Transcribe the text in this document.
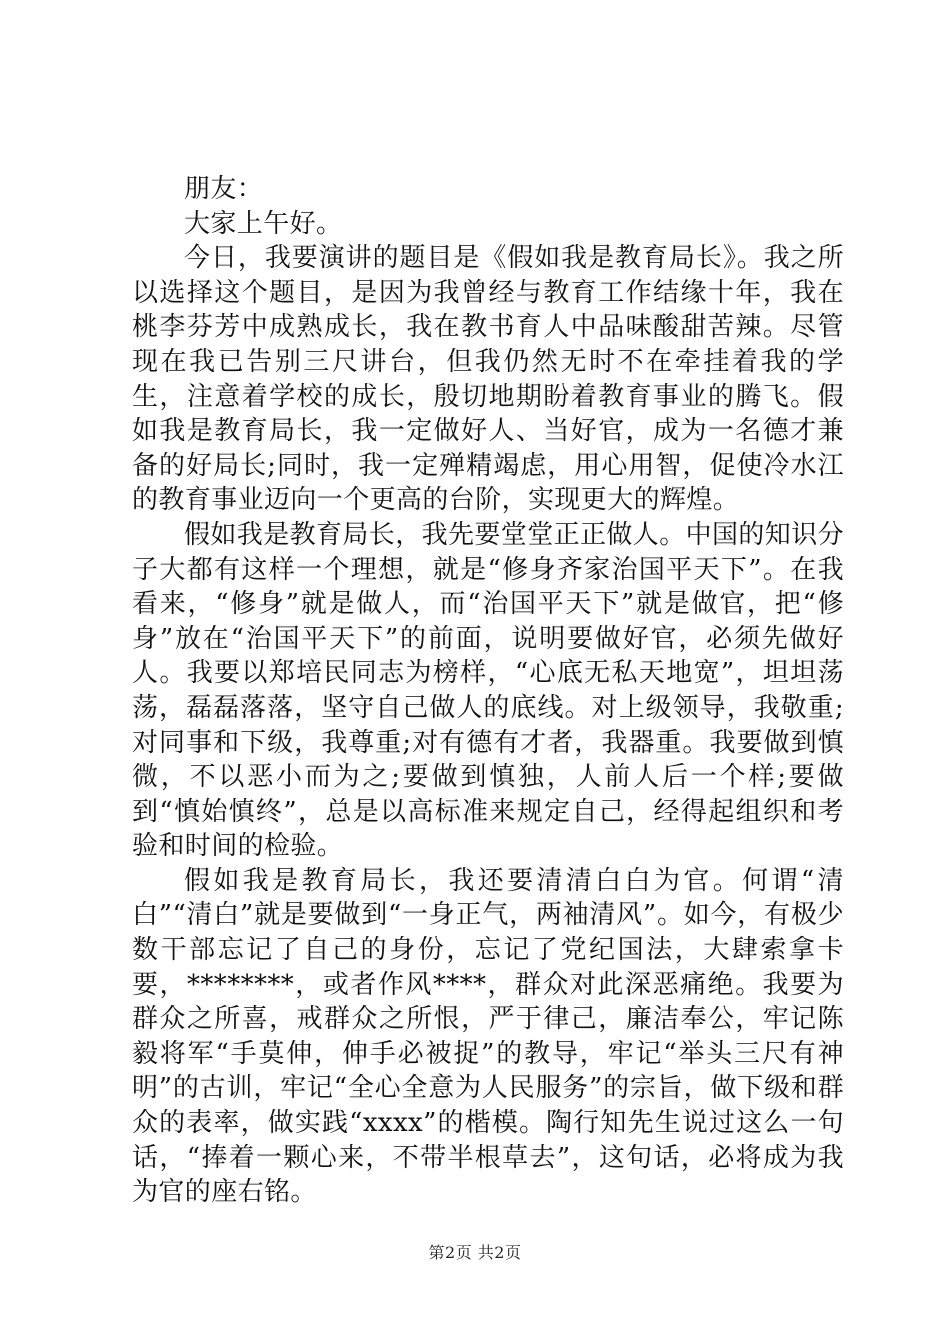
朋友：

大家上午好。

今日，我要演讲的题目是《假如我是教育局长》。我之所以选择这个题目，是因为我曾经与教育工作结缘十年，我在桃李芬芳中成熟成长，我在教书育人中品味酸甜苦辣。尽管现在我已告别三尺讲台，但我仍然无时不在牵挂着我的学生，注意着学校的成长，殷切地期盼着教育事业的腾飞。假如我是教育局长，我一定做好人、当好官，成为一名德才兼备的好局长;同时，我一定殚精竭虑，用心用智，促使冷水江的教育事业迈向一个更高的台阶，实现更大的辉煌。

假如我是教育局长，我先要堂堂正正做人。中国的知识分子大都有这样一个理想，就是“修身齐家治国平天下”。在我看来，“修身”就是做人，而“治国平天下”就是做官，把“修身”放在“治国平天下”的前面，说明要做好官，必须先做好人。我要以郑培民同志为榜样，“心底无私天地宽”，坦坦荡荡，磊磊落落，坚守自己做人的底线。对上级领导，我敬重;对同事和下级，我尊重;对有德有才者，我器重。我要做到慎微，不以恶小而为之;要做到慎独，人前人后一个样;要做到“慎始慎终”，总是以高标准来规定自己，经得起组织和考验和时间的检验。

假如我是教育局长，我还要清清白白为官。何谓“清白”“清白”就是要做到“一身正气，两袖清风”。如今，有极少数干部忘记了自己的身份，忘记了党纪国法，大肆索拿卡要，********，或者作风****，群众对此深恶痛绝。我要为群众之所喜，戒群众之所恨，严于律己，廉洁奉公，牢记陈毅将军“手莫伸，伸手必被捉”的教导，牢记“举头三尺有神明”的古训，牢记“全心全意为人民服务”的宗旨，做下级和群众的表率，做实践“xxxx”的楷模。陶行知先生说过这么一句话，“捧着一颗心来，不带半根草去”，这句话，必将成为我为官的座右铭。

第2页 共2页
